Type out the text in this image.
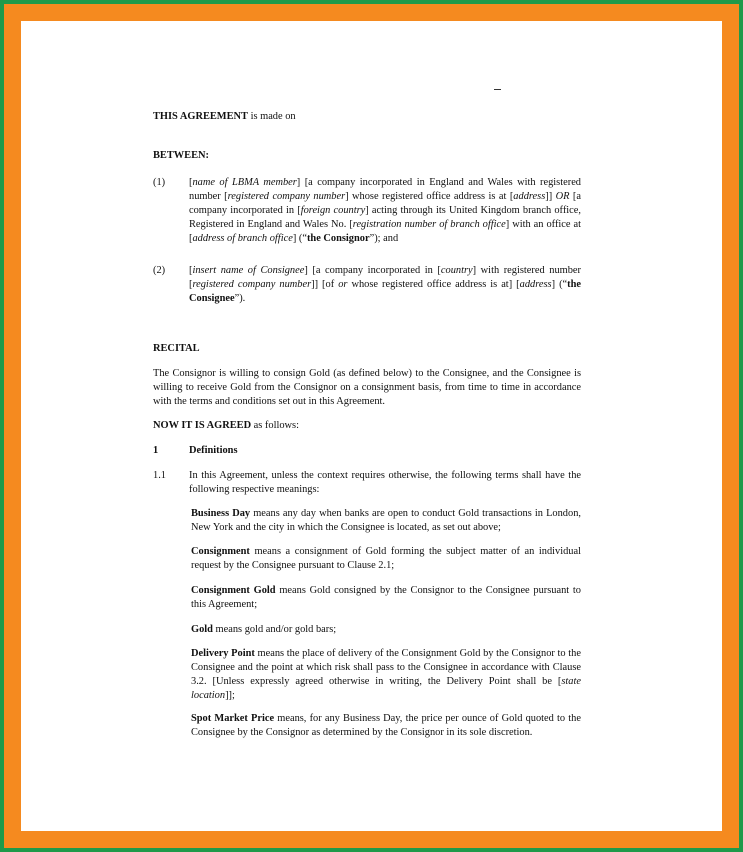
THIS AGREEMENT is made on
BETWEEN:
(1) [name of LBMA member] [a company incorporated in England and Wales with registered number [registered company number] whose registered office address is at [address]] OR [a company incorporated in [foreign country] acting through its United Kingdom branch office, Registered in England and Wales No. [registration number of branch office] with an office at [address of branch office] (“the Consignor”); and
(2) [insert name of Consignee] [a company incorporated in [country] with registered number [registered company number]] [of or whose registered office address is at] [address] (“the Consignee”).
RECITAL
The Consignor is willing to consign Gold (as defined below) to the Consignee, and the Consignee is willing to receive Gold from the Consignor on a consignment basis, from time to time in accordance with the terms and conditions set out in this Agreement.
NOW IT IS AGREED as follows:
1	Definitions
1.1 In this Agreement, unless the context requires otherwise, the following terms shall have the following respective meanings:
Business Day means any day when banks are open to conduct Gold transactions in London, New York and the city in which the Consignee is located, as set out above;
Consignment means a consignment of Gold forming the subject matter of an individual request by the Consignee pursuant to Clause 2.1;
Consignment Gold means Gold consigned by the Consignor to the Consignee pursuant to this Agreement;
Gold means gold and/or gold bars;
Delivery Point means the place of delivery of the Consignment Gold by the Consignor to the Consignee and the point at which risk shall pass to the Consignee in accordance with Clause 3.2. [Unless expressly agreed otherwise in writing, the Delivery Point shall be [state location]];
Spot Market Price means, for any Business Day, the price per ounce of Gold quoted to the Consignee by the Consignor as determined by the Consignor in its sole discretion.
